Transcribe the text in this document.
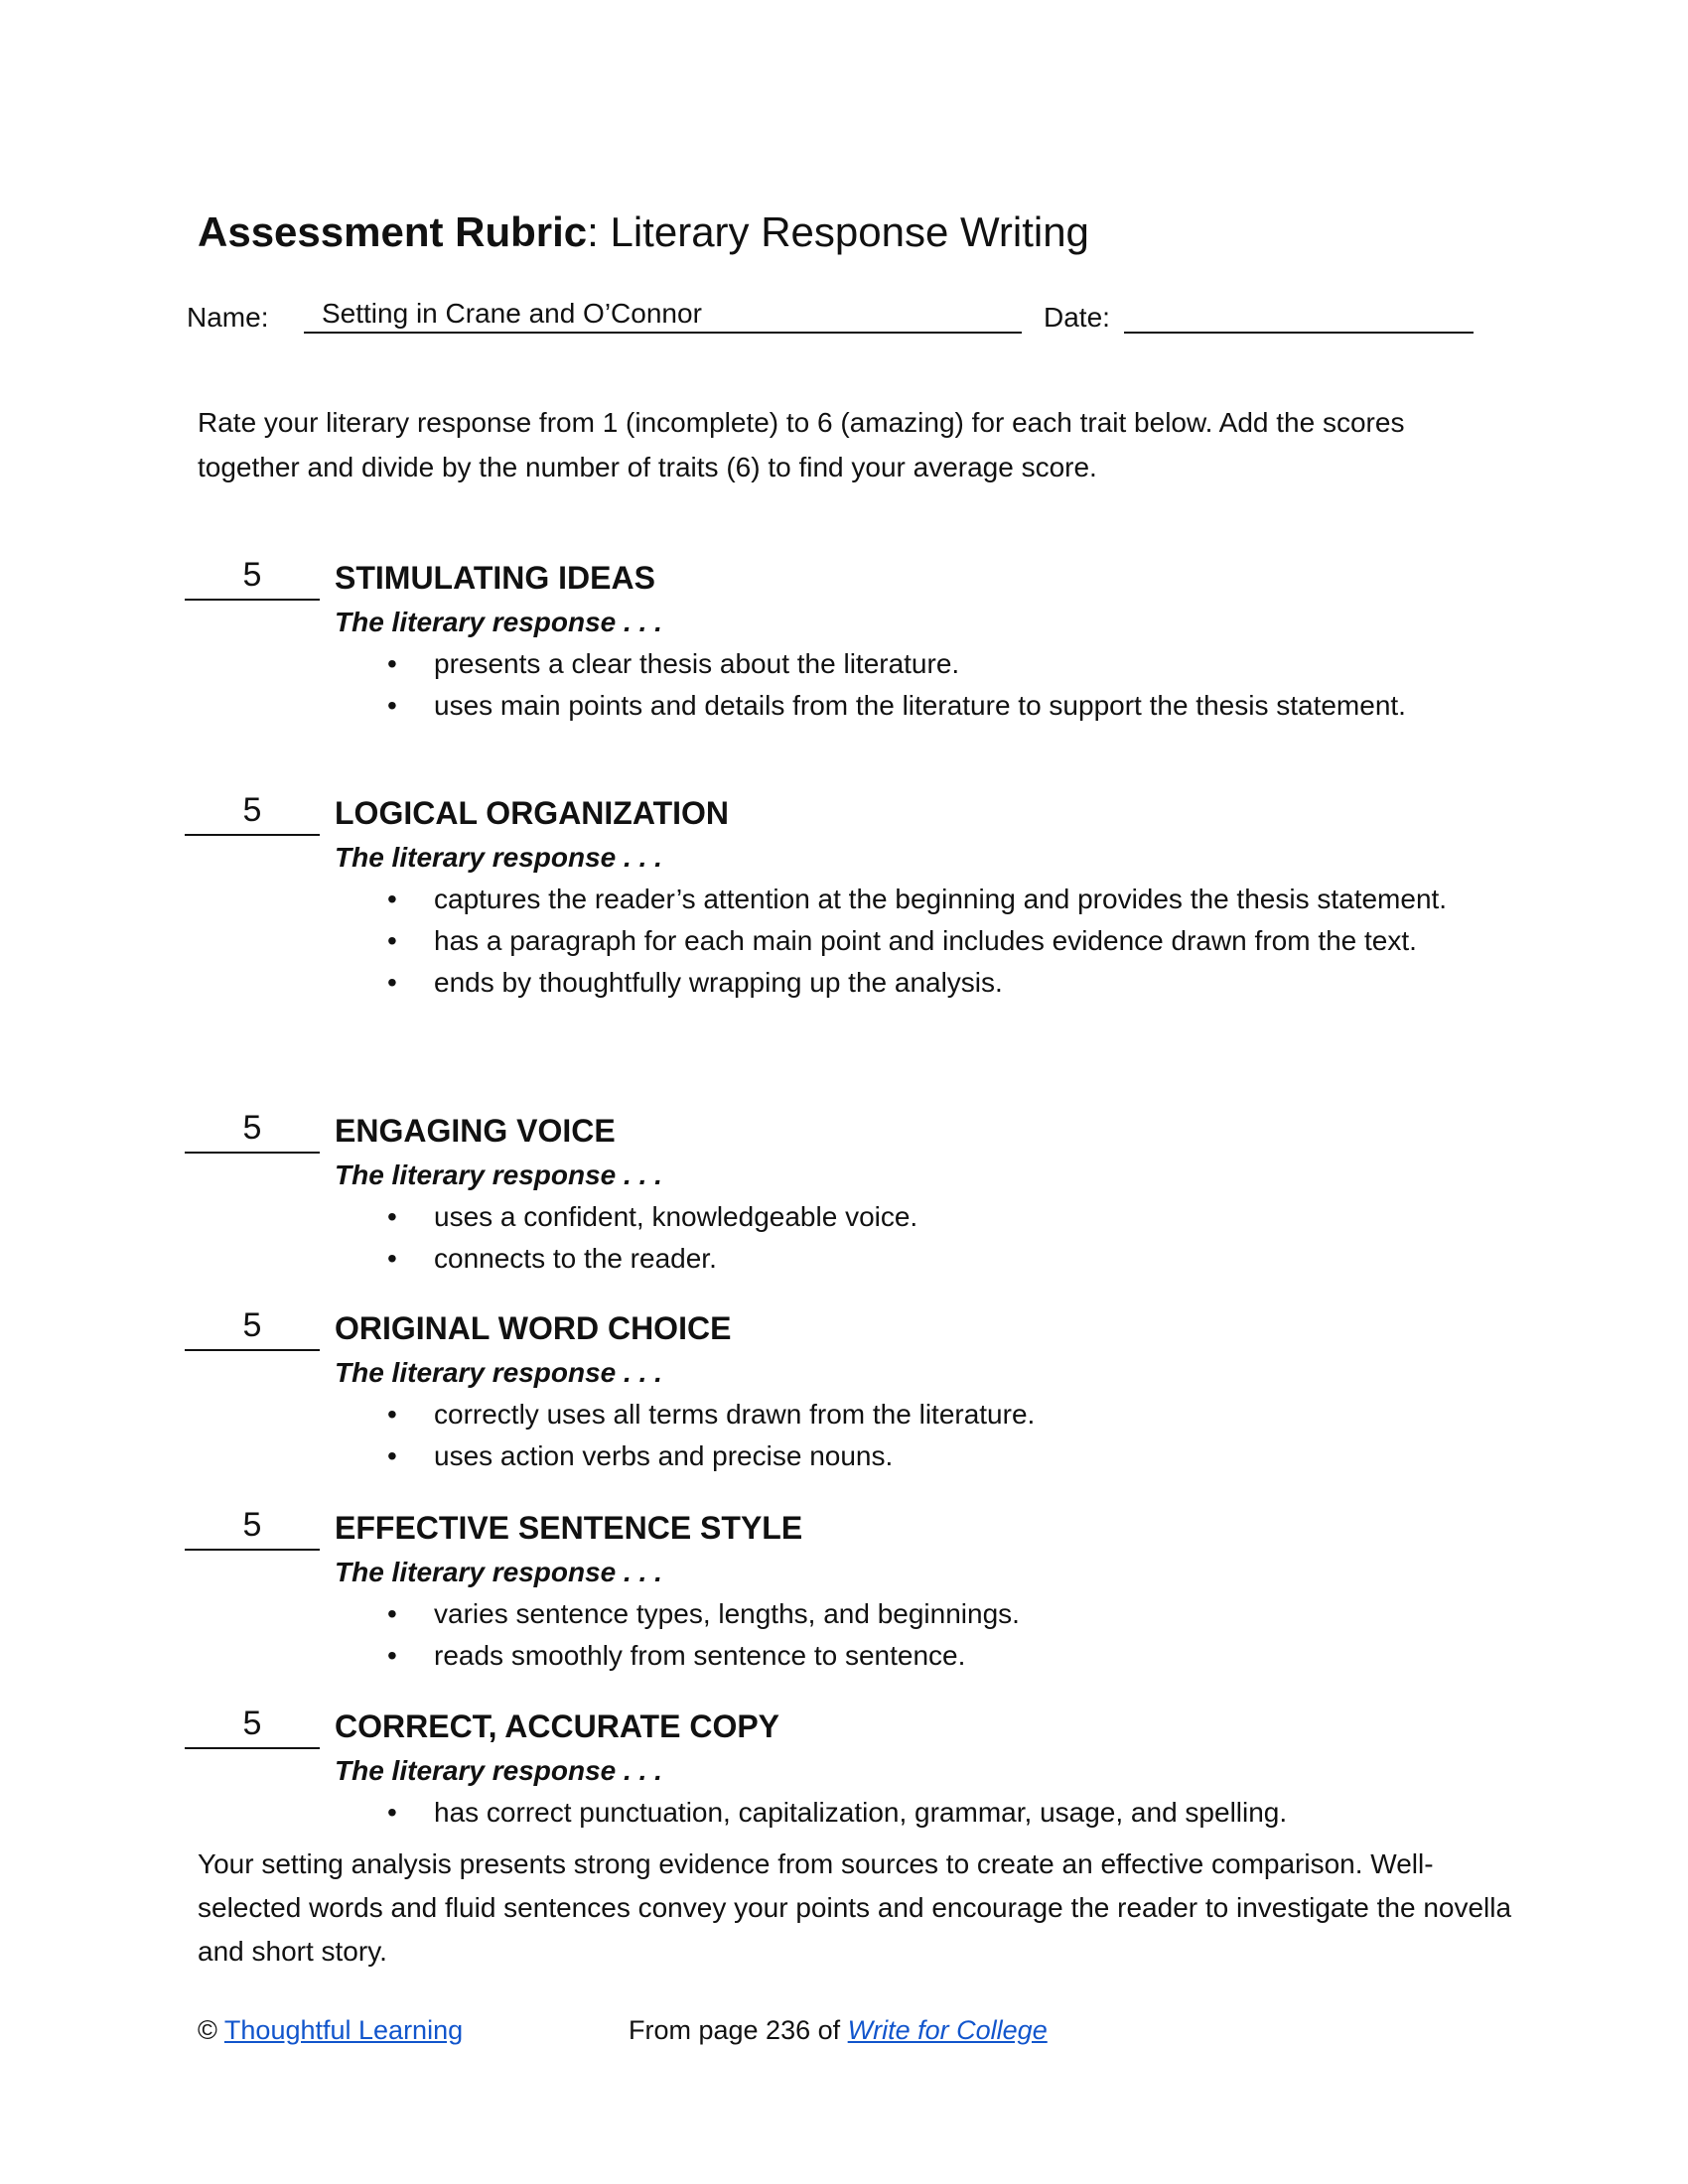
Assessment Rubric: Literary Response Writing
Name:	Setting in Crane and O’Connor	Date:
Rate your literary response from 1 (incomplete) to 6 (amazing) for each trait below. Add the scores together and divide by the number of traits (6) to find your average score.
5	STIMULATING IDEAS
The literary response . . .
• presents a clear thesis about the literature.
• uses main points and details from the literature to support the thesis statement.
5	LOGICAL ORGANIZATION
The literary response . . .
• captures the reader’s attention at the beginning and provides the thesis statement.
• has a paragraph for each main point and includes evidence drawn from the text.
• ends by thoughtfully wrapping up the analysis.
5	ENGAGING VOICE
The literary response . . .
• uses a confident, knowledgeable voice.
• connects to the reader.
5	ORIGINAL WORD CHOICE
The literary response . . .
• correctly uses all terms drawn from the literature.
• uses action verbs and precise nouns.
5	EFFECTIVE SENTENCE STYLE
The literary response . . .
• varies sentence types, lengths, and beginnings.
• reads smoothly from sentence to sentence.
5	CORRECT, ACCURATE COPY
The literary response . . .
• has correct punctuation, capitalization, grammar, usage, and spelling.
Your setting analysis presents strong evidence from sources to create an effective comparison. Well-selected words and fluid sentences convey your points and encourage the reader to investigate the novella and short story.
© Thoughtful Learning	From page 236 of Write for College
